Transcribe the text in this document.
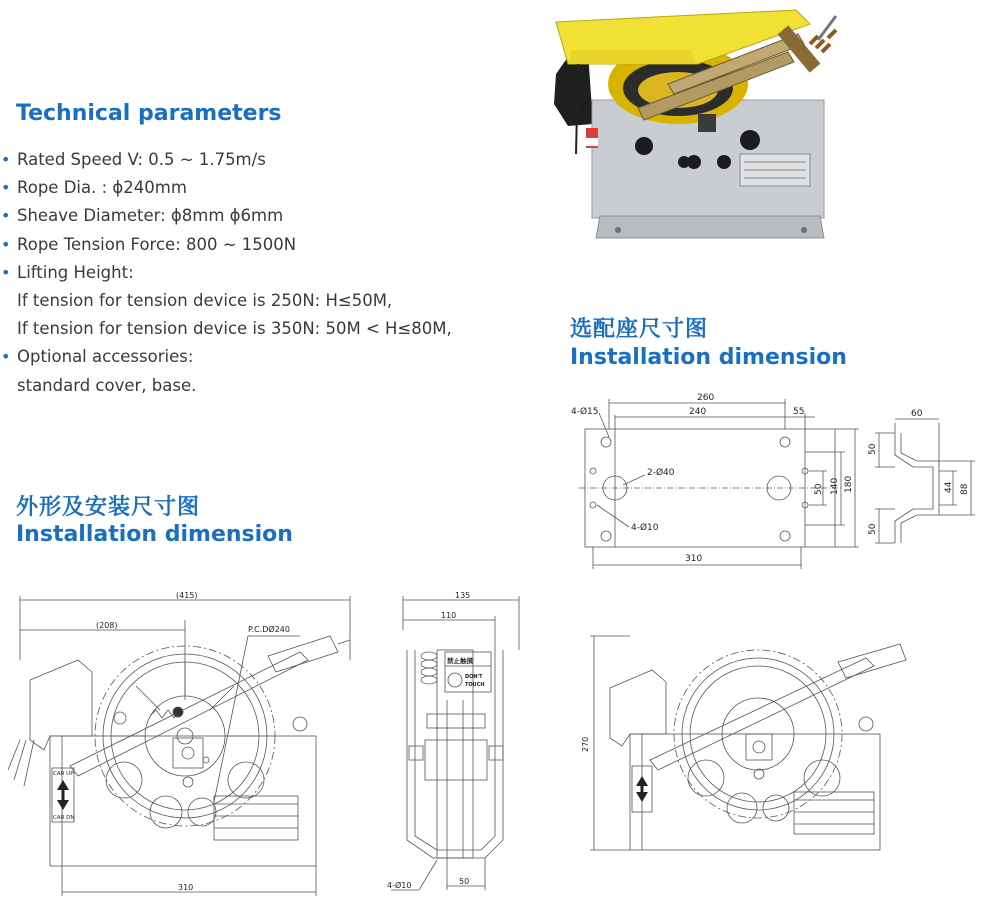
Technical parameters
• Rated Speed V: 0.5 ~ 1.75m/s
• Rope Dia. : ϕ240mm
• Sheave Diameter: ϕ8mm ϕ6mm
• Rope Tension Force: 800 ~ 1500N
• Lifting Height:
If tension for tension device is 250N: H≤50M,
If tension for tension device is 350N: 50M < H≤80M,
• Optional accessories:
standard cover, base.
选配座尺寸图
Installation dimension
260
240	55
4-Ø15
2-Ø40
4-Ø10
310
60
180
140
50
50
50
44 88
外形及安装尺寸图
Installation dimension
(415)
(208)	P.C.DØ240
310
CAR UP
CAR DN
135
110
50
4-Ø10
禁止触摸
DON'T
TOUCH
270
